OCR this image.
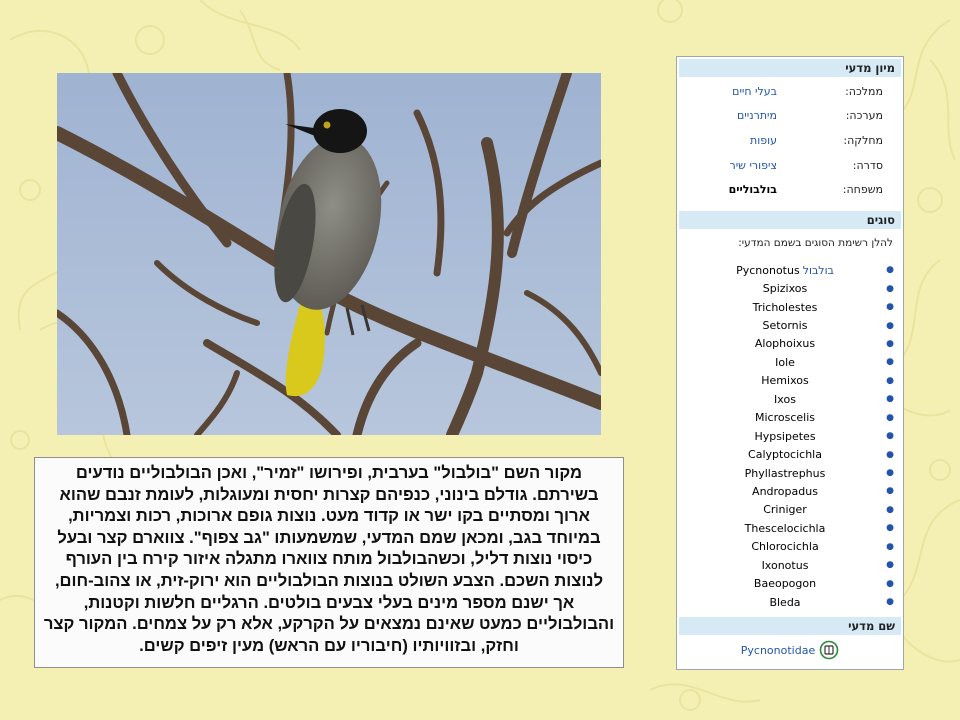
מקור השם "בולבול" בערבית, ופירושו "זמיר", ואכן הבולבוליים נודעים בשירתם. גודלם בינוני, כנפיהם קצרות יחסית ומעוגלות, לעומת זנבם שהוא ארוך ומסתיים בקו ישר או קדוד מעט. נוצות גופם ארוכות, רכות וצמריות, במיוחד בגב, ומכאן שמם המדעי, שמשמעותו "גב צפוף". צווארם קצר ובעל כיסוי נוצות דליל, וכשהבולבול מותח צווארו מתגלה איזור קירח בין העורף לנוצות השכם. הצבע השולט בנוצות הבולבוליים הוא ירוק-זית, או צהוב-חום, אך ישנם מספר מינים בעלי צבעים בולטים. הרגליים חלשות וקטנות, והבולבוליים כמעט שאינם נמצאים על הקרקע, אלא רק על צמחים. המקור קצר וחזק, ובזוויותיו (חיבוריו עם הראש) מעין זיפים קשים.

מיון מדעי
ממלכה:
בעלי חיים
מערכה:
מיתרניים
מחלקה:
עופות
סדרה:
ציפורי שיר
משפחה:
בולבוליים
סוגים
להלן רשימת הסוגים בשמם המדעי:
●
Pycnonotus בולבול
●
Spizixos
●
Tricholestes
●
Setornis
●
Alophoixus
●
Iole
●
Hemixos
●
Ixos
●
Microscelis
●
Hypsipetes
●
Calyptocichla
●
Phyllastrephus
●
Andropadus
●
Criniger
●
Thescelocichla
●
Chlorocichla
●
Ixonotus
●
Baeopogon
●
Bleda
שם מדעי
Pycnonotidae
